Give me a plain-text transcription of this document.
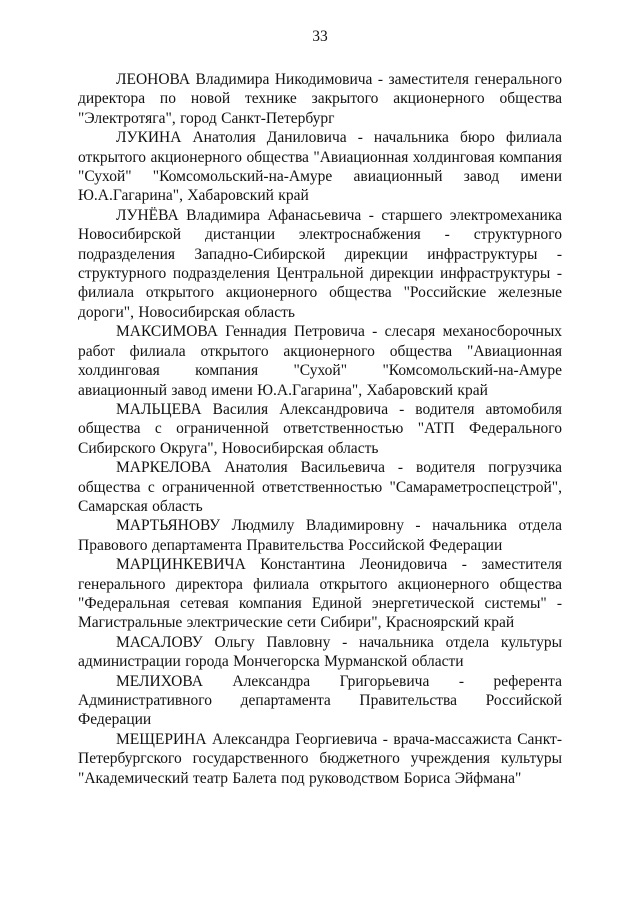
33

ЛЕОНОВА Владимира Никодимовича - заместителя генерального директора по новой технике закрытого акционерного общества "Электротяга", город Санкт-Петербург

ЛУКИНА Анатолия Даниловича - начальника бюро филиала открытого акционерного общества "Авиационная холдинговая компания "Сухой" "Комсомольский-на-Амуре авиационный завод имени Ю.А.Гагарина", Хабаровский край

ЛУНЁВА Владимира Афанасьевича - старшего электромеханика Новосибирской дистанции электроснабжения - структурного подразделения Западно-Сибирской дирекции инфраструктуры - структурного подразделения Центральной дирекции инфраструктуры - филиала открытого акционерного общества "Российские железные дороги", Новосибирская область

МАКСИМОВА Геннадия Петровича - слесаря механосборочных работ филиала открытого акционерного общества "Авиационная холдинговая компания "Сухой" "Комсомольский-на-Амуре авиационный завод имени Ю.А.Гагарина", Хабаровский край

МАЛЬЦЕВА Василия Александровича - водителя автомобиля общества с ограниченной ответственностью "АТП Федерального Сибирского Округа", Новосибирская область

МАРКЕЛОВА Анатолия Васильевича - водителя погрузчика общества с ограниченной ответственностью "Самараметроспецстрой", Самарская область

МАРТЬЯНОВУ Людмилу Владимировну - начальника отдела Правового департамента Правительства Российской Федерации

МАРЦИНКЕВИЧА Константина Леонидовича - заместителя генерального директора филиала открытого акционерного общества "Федеральная сетевая компания Единой энергетической системы" - Магистральные электрические сети Сибири", Красноярский край

МАСАЛОВУ Ольгу Павловну - начальника отдела культуры администрации города Мончегорска Мурманской области

МЕЛИХОВА Александра Григорьевича - референта Административного департамента Правительства Российской Федерации

МЕЩЕРИНА Александра Георгиевича - врача-массажиста Санкт-Петербургского государственного бюджетного учреждения культуры "Академический театр Балета под руководством Бориса Эйфмана"
